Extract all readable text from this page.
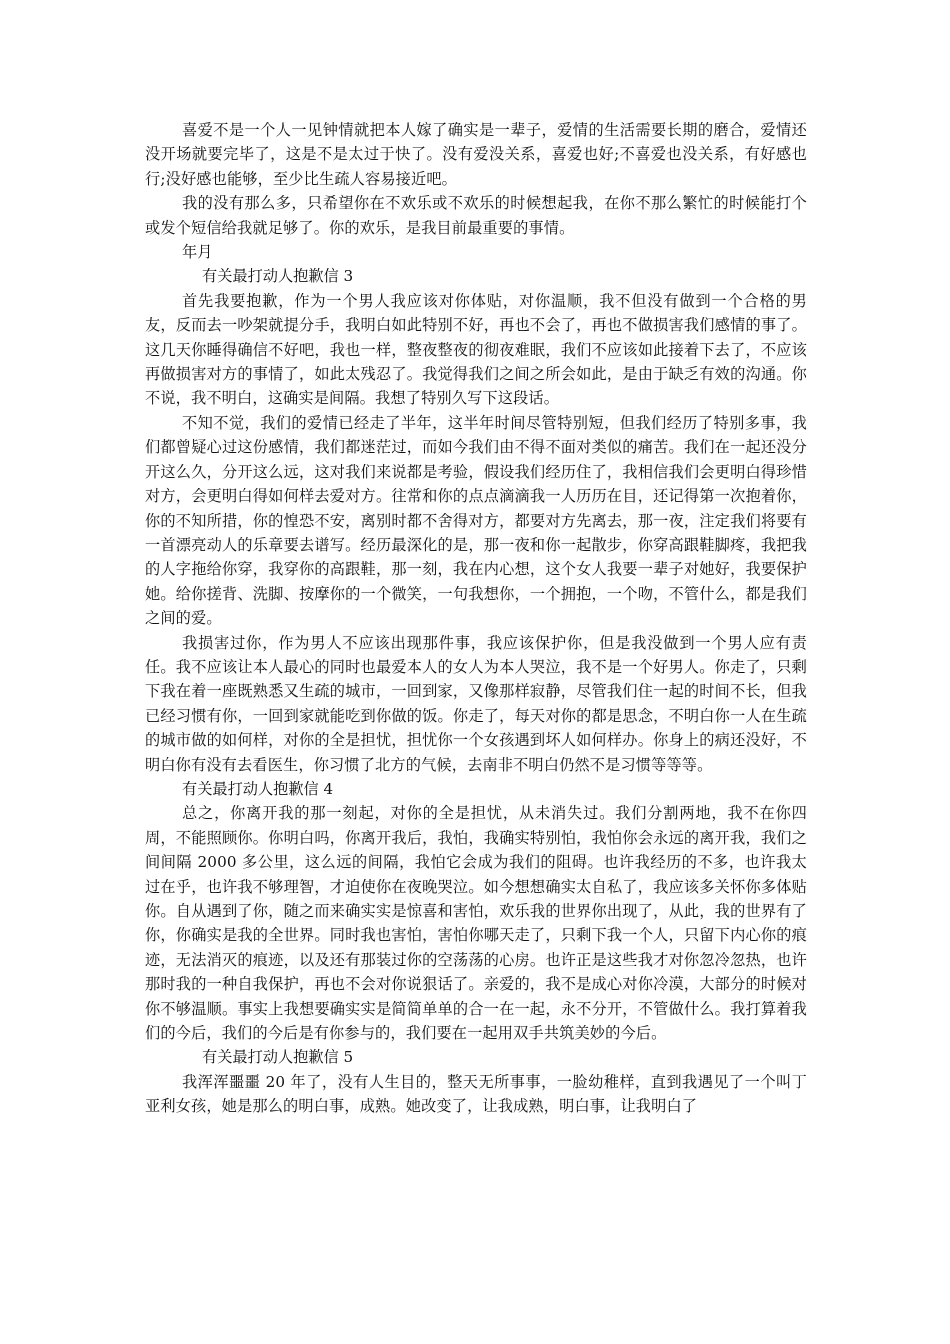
喜爱不是一个人一见钟情就把本人嫁了确实是一辈子，爱情的生活需要长期的磨合，爱情还没开场就要完毕了，这是不是太过于快了。没有爱没关系，喜爱也好;不喜爱也没关系，有好感也行;没好感也能够，至少比生疏人容易接近吧。

我的没有那么多，只希望你在不欢乐或不欢乐的时候想起我，在你不那么繁忙的时候能打个或发个短信给我就足够了。你的欢乐，是我目前最重要的事情。

年月

有关最打动人抱歉信 3

首先我要抱歉，作为一个男人我应该对你体贴，对你温顺，我不但没有做到一个合格的男友，反而去一吵架就提分手，我明白如此特别不好，再也不会了，再也不做损害我们感情的事了。这几天你睡得确信不好吧，我也一样，整夜整夜的彻夜难眠，我们不应该如此接着下去了，不应该再做损害对方的事情了，如此太残忍了。我觉得我们之间之所会如此，是由于缺乏有效的沟通。你不说，我不明白，这确实是间隔。我想了特别久写下这段话。

不知不觉，我们的爱情已经走了半年，这半年时间尽管特别短，但我们经历了特别多事，我们都曾疑心过这份感情，我们都迷茫过，而如今我们由不得不面对类似的痛苦。我们在一起还没分开这么久，分开这么远，这对我们来说都是考验，假设我们经历住了，我相信我们会更明白得珍惜对方，会更明白得如何样去爱对方。往常和你的点点滴滴我一人历历在目，还记得第一次抱着你，你的不知所措，你的惶恐不安，离别时都不舍得对方，都要对方先离去，那一夜，注定我们将要有一首漂亮动人的乐章要去谱写。经历最深化的是，那一夜和你一起散步，你穿高跟鞋脚疼，我把我的人字拖给你穿，我穿你的高跟鞋，那一刻，我在内心想，这个女人我要一辈子对她好，我要保护她。给你搓背、洗脚、按摩你的一个微笑，一句我想你，一个拥抱，一个吻，不管什么，都是我们之间的爱。

我损害过你，作为男人不应该出现那件事，我应该保护你，但是我没做到一个男人应有责任。我不应该让本人最心的同时也最爱本人的女人为本人哭泣，我不是一个好男人。你走了，只剩下我在着一座既熟悉又生疏的城市，一回到家，又像那样寂静，尽管我们住一起的时间不长，但我已经习惯有你，一回到家就能吃到你做的饭。你走了，每天对你的都是思念，不明白你一人在生疏的城市做的如何样，对你的全是担忧，担忧你一个女孩遇到坏人如何样办。你身上的病还没好，不明白你有没有去看医生，你习惯了北方的气候，去南非不明白仍然不是习惯等等等。

有关最打动人抱歉信 4

总之，你离开我的那一刻起，对你的全是担忧，从未消失过。我们分割两地，我不在你四周，不能照顾你。你明白吗，你离开我后，我怕，我确实特别怕，我怕你会永远的离开我，我们之间间隔 2000 多公里，这么远的间隔，我怕它会成为我们的阻碍。也许我经历的不多，也许我太过在乎，也许我不够理智，才迫使你在夜晚哭泣。如今想想确实太自私了，我应该多关怀你多体贴你。自从遇到了你，随之而来确实实是惊喜和害怕，欢乐我的世界你出现了，从此，我的世界有了你，你确实是我的全世界。同时我也害怕，害怕你哪天走了，只剩下我一个人，只留下内心你的痕迹，无法消灭的痕迹，以及还有那装过你的空荡荡的心房。也许正是这些我才对你忽冷忽热，也许那时我的一种自我保护，再也不会对你说狠话了。亲爱的，我不是成心对你冷漠，大部分的时候对你不够温顺。事实上我想要确实实是简简单单的合一在一起，永不分开，不管做什么。我打算着我们的今后，我们的今后是有你参与的，我们要在一起用双手共筑美妙的今后。

有关最打动人抱歉信 5

我浑浑噩噩 20 年了，没有人生目的，整天无所事事，一脸幼稚样，直到我遇见了一个叫丁亚利女孩，她是那么的明白事，成熟。她改变了，让我成熟，明白事，让我明白了
